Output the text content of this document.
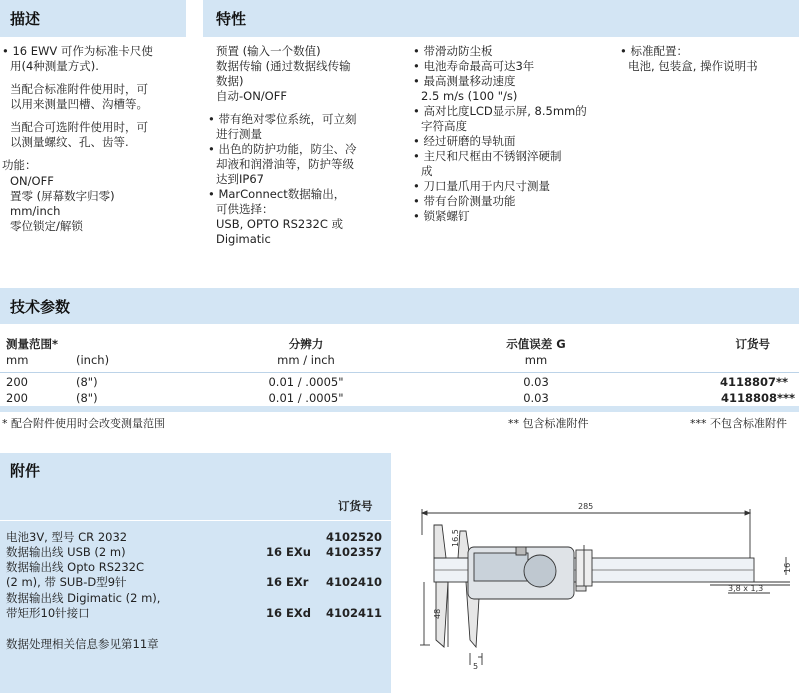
描述	特性
• 16 EWV 可作为标准卡尺使
用(4种测量方式).
当配合标准附件使用时，可
以用来测量凹槽、沟槽等。
当配合可选附件使用时，可
以测量螺纹、孔、齿等.
功能：
ON/OFF
置零 (屏幕数字归零)
mm/inch
零位锁定/解锁
预置 (输入一个数值)
数据传输 (通过数据线传输
数据)
自动-ON/OFF
• 带有绝对零位系统，可立刻
进行测量
• 出色的防护功能，防尘、冷
却液和润滑油等，防护等级
达到IP67
• MarConnect数据输出，
可供选择：
USB, OPTO RS232C 或
Digimatic
• 带滑动防尘板
• 电池寿命最高可达3年
• 最高测量移动速度
2.5 m/s (100 "/s)
• 高对比度LCD显示屏, 8.5mm的
字符高度
• 经过研磨的导轨面
• 主尺和尺框由不锈钢淬硬制
成
• 刀口量爪用于内尺寸测量
• 带有台阶测量功能
• 锁紧螺钉
• 标准配置：
电池, 包装盒, 操作说明书
技术参数
测量范围*
mm	(inch)
分辨力
mm / inch
示值误差 G
mm
订货号
200	(8")	0.01 / .0005"	0.03	4118807**
200	(8")	0.01 / .0005"	0.03	4118808***
* 配合附件使用时会改变测量范围	** 包含标准附件	*** 不包含标准附件
附件
订货号
电池3V, 型号 CR 2032	4102520
数据输出线 USB (2 m)	16 EXu 4102357
数据输出线 Opto RS232C
(2 m), 带 SUB-D型9针	16 EXr 4102410
数据输出线 Digimatic (2 m),
带矩形10针接口	16 EXd 4102411
数据处理相关信息参见第11章
285
16.5
48
3,8 x 1,3
16
5
